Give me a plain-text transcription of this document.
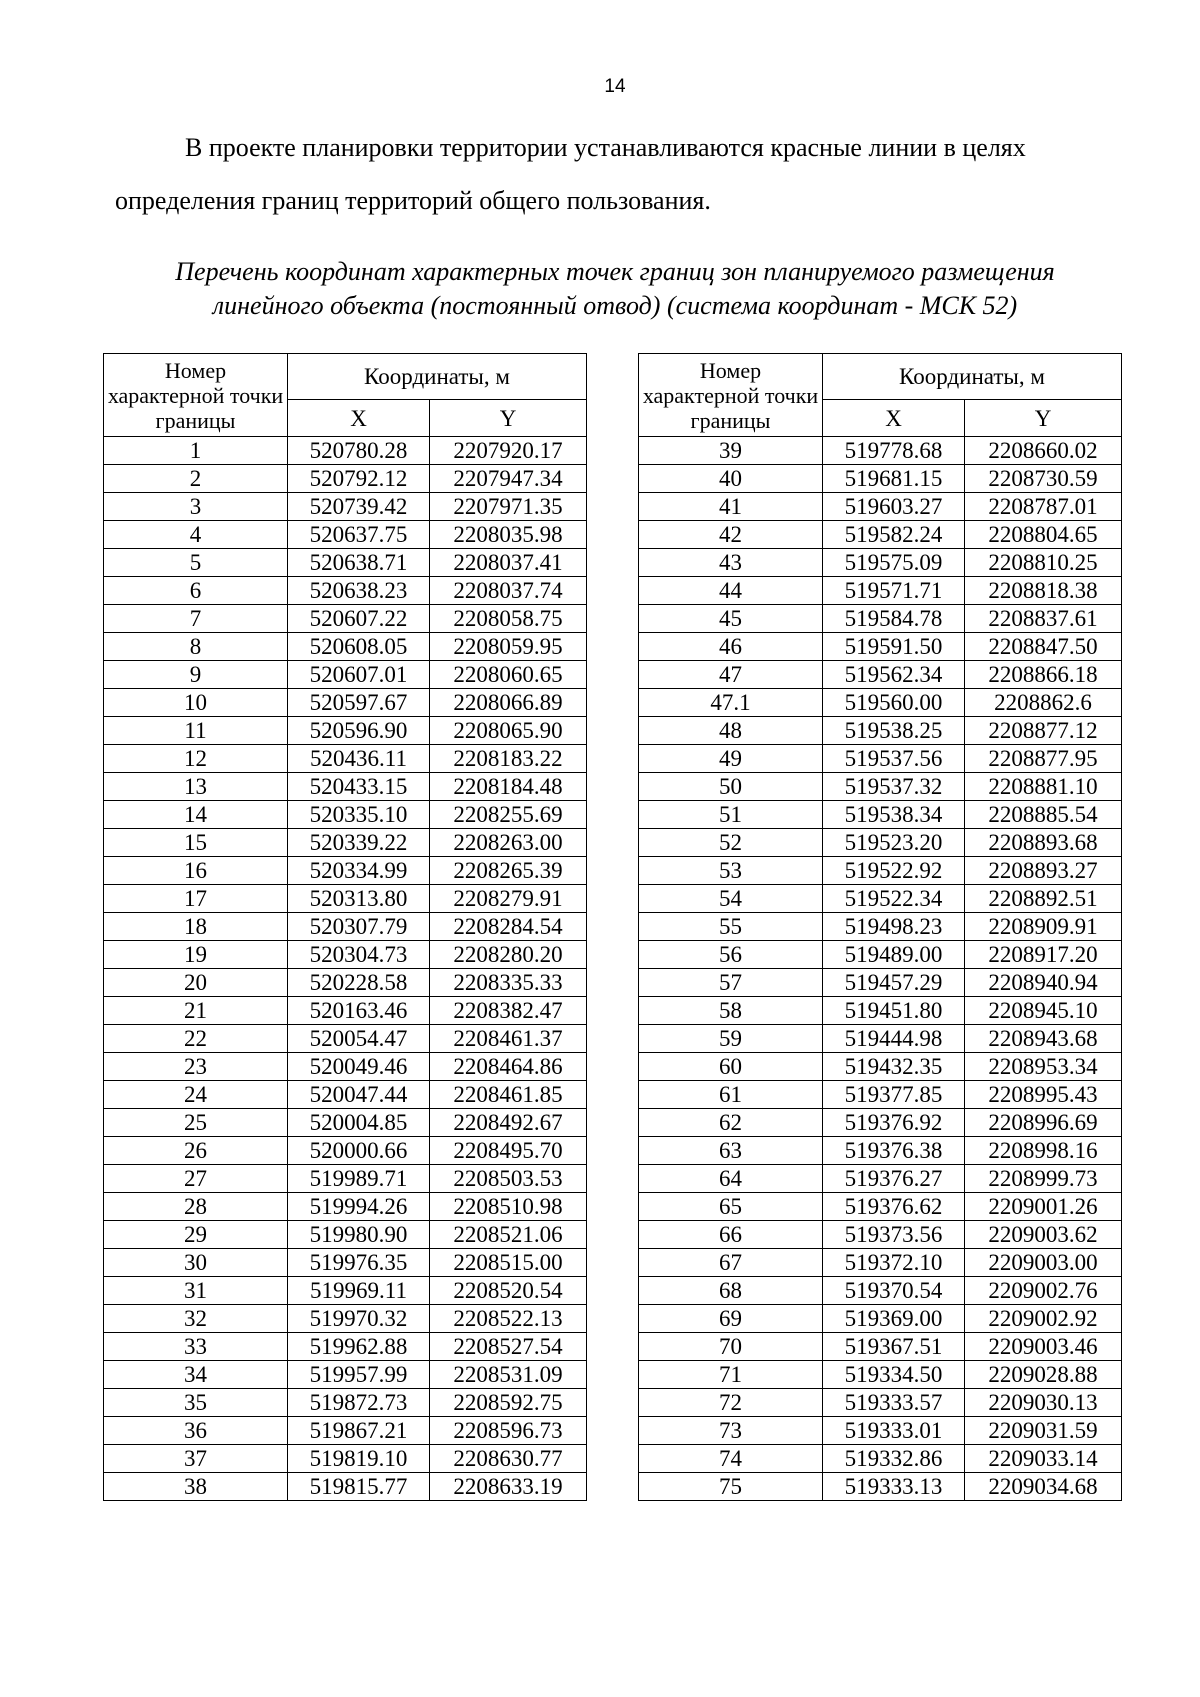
14
В проекте планировки территории устанавливаются красные линии в целях определения границ территорий общего пользования.
Перечень координат характерных точек границ зон планируемого размещения
линейного объекта (постоянный отвод) (система координат - МСК 52)
Номер характерной точки границы	Координаты, м	
	X	Y
1	520780.28	2207920.17
2	520792.12	2207947.34
3	520739.42	2207971.35
4	520637.75	2208035.98
5	520638.71	2208037.41
6	520638.23	2208037.74
7	520607.22	2208058.75
8	520608.05	2208059.95
9	520607.01	2208060.65
10	520597.67	2208066.89
11	520596.90	2208065.90
12	520436.11	2208183.22
13	520433.15	2208184.48
14	520335.10	2208255.69
15	520339.22	2208263.00
16	520334.99	2208265.39
17	520313.80	2208279.91
18	520307.79	2208284.54
19	520304.73	2208280.20
20	520228.58	2208335.33
21	520163.46	2208382.47
22	520054.47	2208461.37
23	520049.46	2208464.86
24	520047.44	2208461.85
25	520004.85	2208492.67
26	520000.66	2208495.70
27	519989.71	2208503.53
28	519994.26	2208510.98
29	519980.90	2208521.06
30	519976.35	2208515.00
31	519969.11	2208520.54
32	519970.32	2208522.13
33	519962.88	2208527.54
34	519957.99	2208531.09
35	519872.73	2208592.75
36	519867.21	2208596.73
37	519819.10	2208630.77
38	519815.77	2208633.19
Номер характерной точки границы	Координаты, м	
	X	Y
39	519778.68	2208660.02
40	519681.15	2208730.59
41	519603.27	2208787.01
42	519582.24	2208804.65
43	519575.09	2208810.25
44	519571.71	2208818.38
45	519584.78	2208837.61
46	519591.50	2208847.50
47	519562.34	2208866.18
47.1	519560.00	2208862.6
48	519538.25	2208877.12
49	519537.56	2208877.95
50	519537.32	2208881.10
51	519538.34	2208885.54
52	519523.20	2208893.68
53	519522.92	2208893.27
54	519522.34	2208892.51
55	519498.23	2208909.91
56	519489.00	2208917.20
57	519457.29	2208940.94
58	519451.80	2208945.10
59	519444.98	2208943.68
60	519432.35	2208953.34
61	519377.85	2208995.43
62	519376.92	2208996.69
63	519376.38	2208998.16
64	519376.27	2208999.73
65	519376.62	2209001.26
66	519373.56	2209003.62
67	519372.10	2209003.00
68	519370.54	2209002.76
69	519369.00	2209002.92
70	519367.51	2209003.46
71	519334.50	2209028.88
72	519333.57	2209030.13
73	519333.01	2209031.59
74	519332.86	2209033.14
75	519333.13	2209034.68
